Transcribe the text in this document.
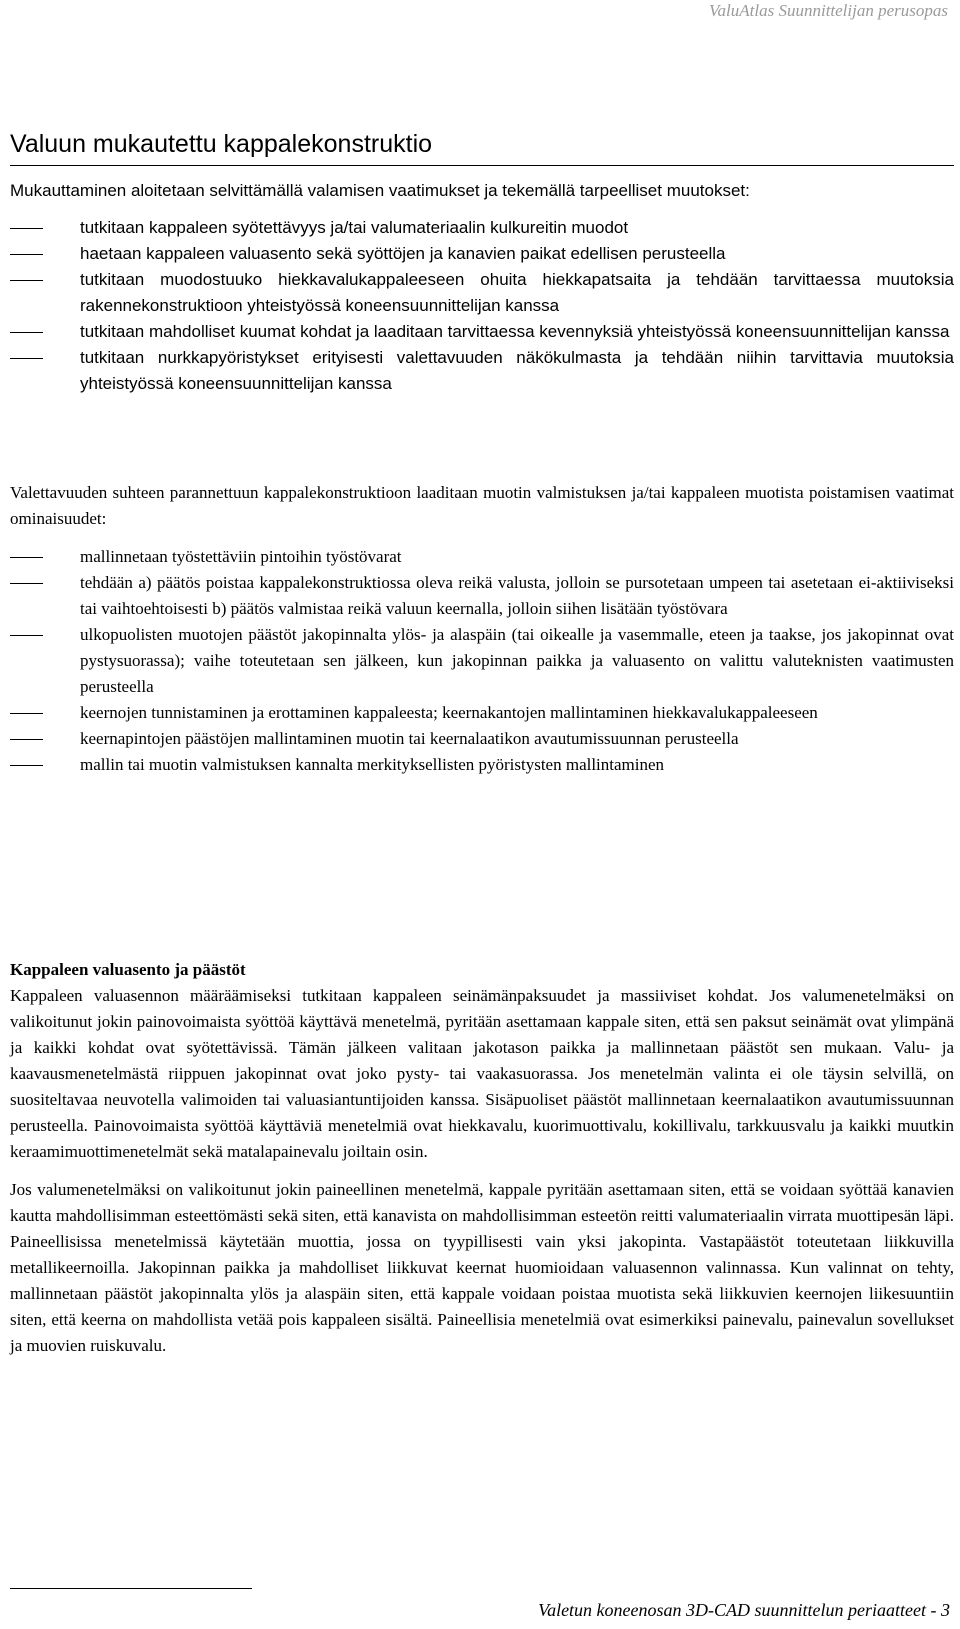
ValuAtlas Suunnittelijan perusopas
Valuun mukautettu kappalekonstruktio

Mukauttaminen aloitetaan selvittämällä valamisen vaatimukset ja tekemällä tarpeelliset muutokset:

tutkitaan kappaleen syötettävyys ja/tai valumateriaalin kulkureitin muodot
haetaan kappaleen valuasento sekä syöttöjen ja kanavien paikat edellisen perusteella
tutkitaan muodostuuko hiekkavalukappaleeseen ohuita hiekkapatsaita ja tehdään tarvittaessa muutoksia rakennekonstruktioon yhteistyössä koneensuunnittelijan kanssa
tutkitaan mahdolliset kuumat kohdat ja laaditaan tarvittaessa kevennyksiä yhteistyössä koneensuunnittelijan kanssa
tutkitaan nurkkapyöristykset erityisesti valettavuuden näkökulmasta ja tehdään niihin tarvittavia muutoksia yhteistyössä koneensuunnittelijan kanssa

Valettavuuden suhteen parannettuun kappalekonstruktioon laaditaan muotin valmistuksen ja/tai kappaleen muotista poistamisen vaatimat ominaisuudet:

mallinnetaan työstettäviin pintoihin työstövarat
tehdään a) päätös poistaa kappalekonstruktiossa oleva reikä valusta, jolloin se pursotetaan umpeen tai asetetaan ei-aktiiviseksi tai vaihtoehtoisesti b) päätös valmistaa reikä valuun keernalla, jolloin siihen lisätään työstövara
ulkopuolisten muotojen päästöt jakopinnalta ylös- ja alaspäin (tai oikealle ja vasemmalle, eteen ja taakse, jos jakopinnat ovat pystysuorassa); vaihe toteutetaan sen jälkeen, kun jakopinnan paikka ja valuasento on valittu valuteknisten vaatimusten perusteella
keernojen tunnistaminen ja erottaminen kappaleesta; keernakantojen mallintaminen hiekkavalukappaleeseen
keernapintojen päästöjen mallintaminen muotin tai keernalaatikon avautumissuunnan perusteella
mallin tai muotin valmistuksen kannalta merkityksellisten pyöristysten mallintaminen
Kappaleen valuasento ja päästöt

Kappaleen valuasennon määräämiseksi tutkitaan kappaleen seinämänpaksuudet ja massiiviset kohdat. Jos valumenetelmäksi on valikoitunut jokin painovoimaista syöttöä käyttävä menetelmä, pyritään asettamaan kappale siten, että sen paksut seinämät ovat ylimpänä ja kaikki kohdat ovat syötettävissä. Tämän jälkeen valitaan jakotason paikka ja mallinnetaan päästöt sen mukaan. Valu- ja kaavausmenetelmästä riippuen jakopinnat ovat joko pysty- tai vaakasuorassa. Jos menetelmän valinta ei ole täysin selvillä, on suositeltavaa neuvotella valimoiden tai valuasiantuntijoiden kanssa. Sisäpuoliset päästöt mallinnetaan keernalaatikon avautumissuunnan perusteella. Painovoimaista syöttöä käyttäviä menetelmiä ovat hiekkavalu, kuorimuottivalu, kokillivalu, tarkkuusvalu ja kaikki muutkin keraamimuottimenetelmät sekä matalapainevalu joiltain osin.

Jos valumenetelmäksi on valikoitunut jokin paineellinen menetelmä, kappale pyritään asettamaan siten, että se voidaan syöttää kanavien kautta mahdollisimman esteettömästi sekä siten, että kanavista on mahdollisimman esteetön reitti valumateriaalin virrata muottipesän läpi. Paineellisissa menetelmissä käytetään muottia, jossa on tyypillisesti vain yksi jakopinta. Vastapäästöt toteutetaan liikkuvilla metallikeernoilla. Jakopinnan paikka ja mahdolliset liikkuvat keernat huomioidaan valuasennon valinnassa. Kun valinnat on tehty, mallinnetaan päästöt jakopinnalta ylös ja alaspäin siten, että kappale voidaan poistaa muotista sekä liikkuvien keernojen liikesuuntiin siten, että keerna on mahdollista vetää pois kappaleen sisältä. Paineellisia menetelmiä ovat esimerkiksi painevalu, painevalun sovellukset ja muovien ruiskuvalu.

Valetun koneenosan 3D-CAD suunnittelun periaatteet - 3
